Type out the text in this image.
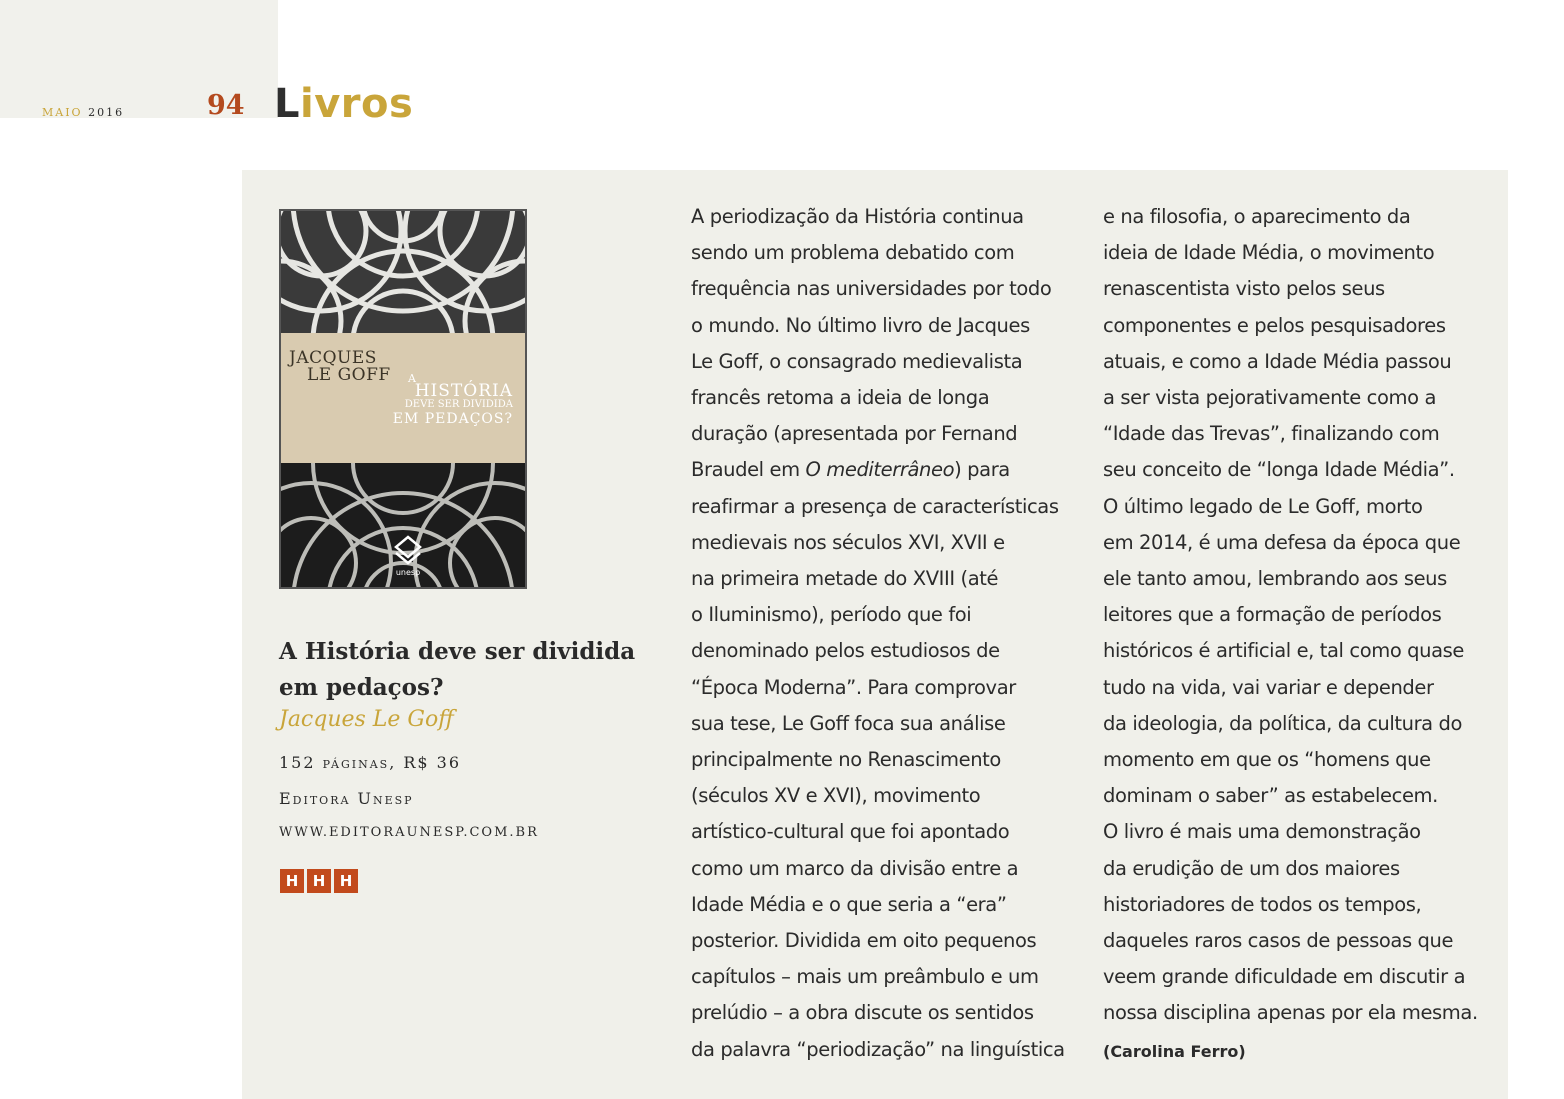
MAIO 2016	94 Livros
JACQUES
LE GOFF	A
HISTÓRIA
DEVE SER DIVIDIDA
EM PEDAÇOS?
unesp
A História deve ser dividida
em pedaços?
Jacques Le Goff
152 páginas, R$ 36
Editora Unesp
WWW.EDITORAUNESP.COM.BR
H H H
A periodização da História continua
sendo um problema debatido com
frequência nas universidades por todo
o mundo. No último livro de Jacques
Le Goff, o consagrado medievalista
francês retoma a ideia de longa
duração (apresentada por Fernand
Braudel em O mediterrâneo) para
reafirmar a presença de características
medievais nos séculos XVI, XVII e
na primeira metade do XVIII (até
o Iluminismo), período que foi
denominado pelos estudiosos de
“Época Moderna”. Para comprovar
sua tese, Le Goff foca sua análise
principalmente no Renascimento
(séculos XV e XVI), movimento
artístico-cultural que foi apontado
como um marco da divisão entre a
Idade Média e o que seria a “era”
posterior. Dividida em oito pequenos
capítulos – mais um preâmbulo e um
prelúdio – a obra discute os sentidos
da palavra “periodização” na linguística
e na filosofia, o aparecimento da
ideia de Idade Média, o movimento
renascentista visto pelos seus
componentes e pelos pesquisadores
atuais, e como a Idade Média passou
a ser vista pejorativamente como a
“Idade das Trevas”, finalizando com
seu conceito de “longa Idade Média”.
O último legado de Le Goff, morto
em 2014, é uma defesa da época que
ele tanto amou, lembrando aos seus
leitores que a formação de períodos
históricos é artificial e, tal como quase
tudo na vida, vai variar e depender
da ideologia, da política, da cultura do
momento em que os “homens que
dominam o saber” as estabelecem.
O livro é mais uma demonstração
da erudição de um dos maiores
historiadores de todos os tempos,
daqueles raros casos de pessoas que
veem grande dificuldade em discutir a
nossa disciplina apenas por ela mesma.
(Carolina Ferro)
